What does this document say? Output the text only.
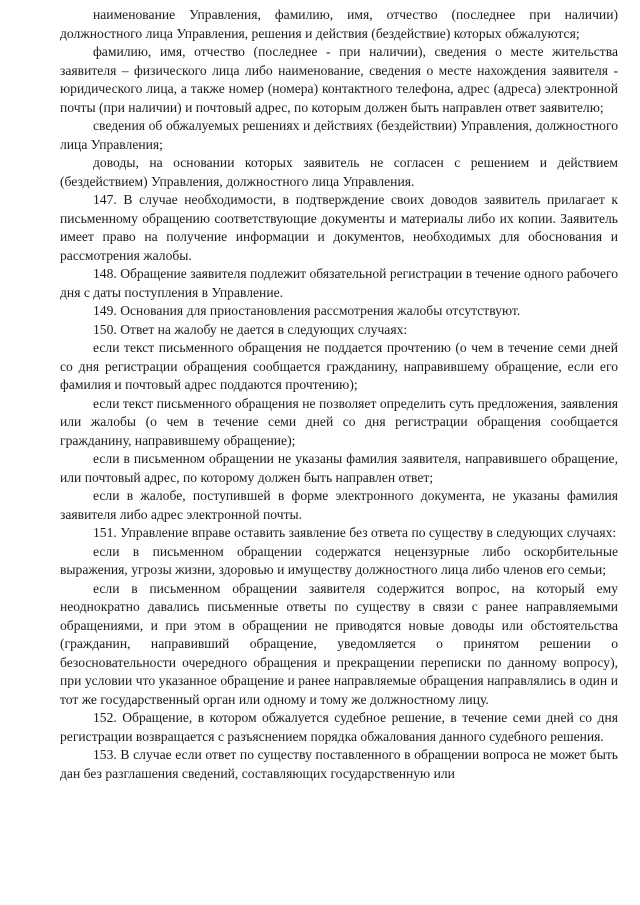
наименование Управления, фамилию, имя, отчество (последнее при наличии) должностного лица Управления, решения и действия (бездействие) которых обжалуются;

фамилию, имя, отчество (последнее - при наличии), сведения о месте жительства заявителя – физического лица либо наименование, сведения о месте нахождения заявителя - юридического лица, а также номер (номера) контактного телефона, адрес (адреса) электронной почты (при наличии) и почтовый адрес, по которым должен быть направлен ответ заявителю;

сведения об обжалуемых решениях и действиях (бездействии) Управления, должностного лица Управления;

доводы, на основании которых заявитель не согласен с решением и действием (бездействием) Управления, должностного лица Управления.

147. В случае необходимости, в подтверждение своих доводов заявитель прилагает к письменному обращению соответствующие документы и материалы либо их копии. Заявитель имеет право на получение информации и документов, необходимых для обоснования и рассмотрения жалобы.

148. Обращение заявителя подлежит обязательной регистрации в течение одного рабочего дня с даты поступления в Управление.

149. Основания для приостановления рассмотрения жалобы отсутствуют.

150. Ответ на жалобу не дается в следующих случаях:

если текст письменного обращения не поддается прочтению (о чем в течение семи дней со дня регистрации обращения сообщается гражданину, направившему обращение, если его фамилия и почтовый адрес поддаются прочтению);

если текст письменного обращения не позволяет определить суть предложения, заявления или жалобы (о чем в течение семи дней со дня регистрации обращения сообщается гражданину, направившему обращение);

если в письменном обращении не указаны фамилия заявителя, направившего обращение, или почтовый адрес, по которому должен быть направлен ответ;

если в жалобе, поступившей в форме электронного документа, не указаны фамилия заявителя либо адрес электронной почты.

151. Управление вправе оставить заявление без ответа по существу в следующих случаях:

если в письменном обращении содержатся нецензурные либо оскорбительные выражения, угрозы жизни, здоровью и имуществу должностного лица либо членов его семьи;

если в письменном обращении заявителя содержится вопрос, на который ему неоднократно давались письменные ответы по существу в связи с ранее направляемыми обращениями, и при этом в обращении не приводятся новые доводы или обстоятельства (гражданин, направивший обращение, уведомляется о принятом решении о безосновательности очередного обращения и прекращении переписки по данному вопросу), при условии что указанное обращение и ранее направляемые обращения направлялись в один и тот же государственный орган или одному и тому же должностному лицу.

152. Обращение, в котором обжалуется судебное решение, в течение семи дней со дня регистрации возвращается с разъяснением порядка обжалования данного судебного решения.

153. В случае если ответ по существу поставленного в обращении вопроса не может быть дан без разглашения сведений, составляющих государственную или
